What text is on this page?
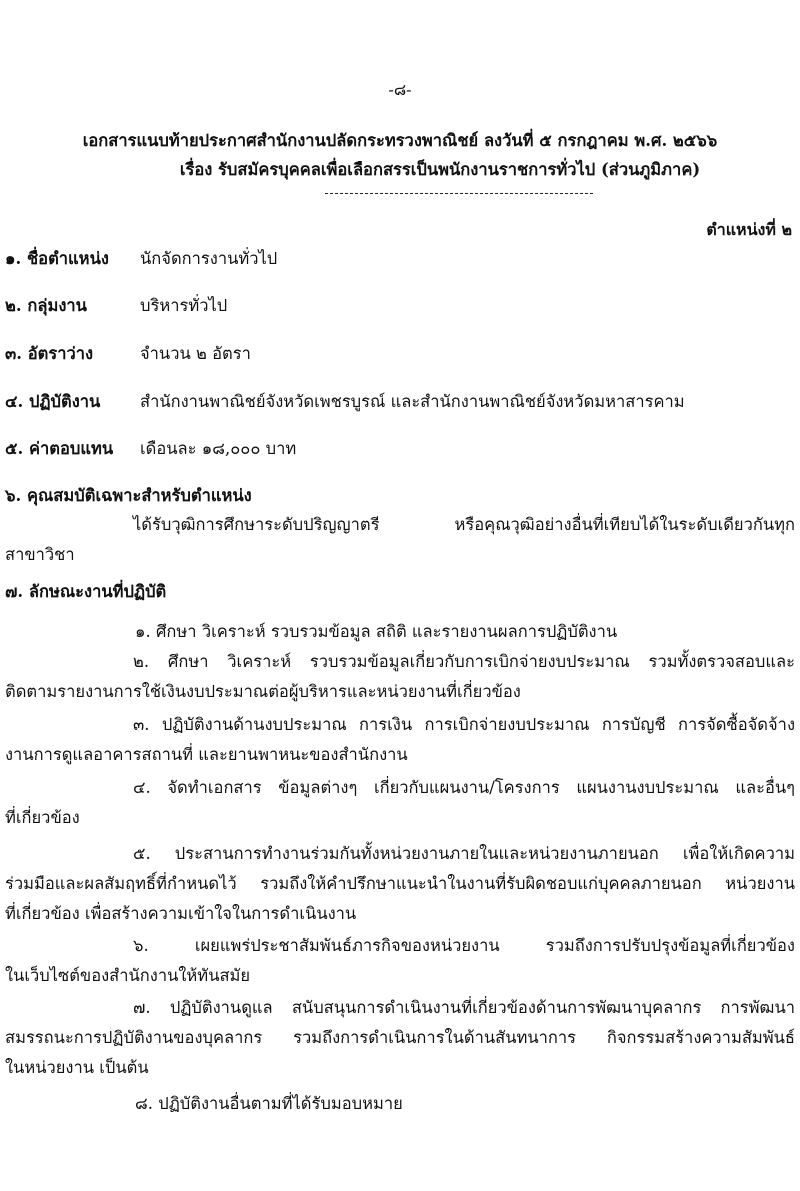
-๘-
เอกสารแนบท้ายประกาศสำนักงานปลัดกระทรวงพาณิชย์ ลงวันที่ ๕ กรกฎาคม พ.ศ. ๒๕๖๖
เรื่อง รับสมัครบุคคลเพื่อเลือกสรรเป็นพนักงานราชการทั่วไป (ส่วนภูมิภาค)
ตำแหน่งที่ ๒
๑. ชื่อตำแหน่ง นักจัดการงานทั่วไป
๒. กลุ่มงาน	บริหารทั่วไป
๓. อัตราว่าง	จำนวน ๒ อัตรา
๔. ปฏิบัติงาน สำนักงานพาณิชย์จังหวัดเพชรบูรณ์ และสำนักงานพาณิชย์จังหวัดมหาสารคาม
๕. ค่าตอบแทน เดือนละ ๑๘,๐๐๐ บาท
๖. คุณสมบัติเฉพาะสำหรับตำแหน่ง
ได้รับวุฒิการศึกษาระดับปริญญาตรี หรือคุณวุฒิอย่างอื่นที่เทียบได้ในระดับเดียวกันทุก
สาขาวิชา
๗. ลักษณะงานที่ปฏิบัติ
๑. ศึกษา วิเคราะห์ รวบรวมข้อมูล สถิติ และรายงานผลการปฏิบัติงาน
๒. ศึกษา วิเคราะห์ รวบรวมข้อมูลเกี่ยวกับการเบิกจ่ายงบประมาณ รวมทั้งตรวจสอบและ
ติดตามรายงานการใช้เงินงบประมาณต่อผู้บริหารและหน่วยงานที่เกี่ยวข้อง
๓. ปฏิบัติงานด้านงบประมาณ การเงิน การเบิกจ่ายงบประมาณ การบัญชี การจัดซื้อจัดจ้าง
งานการดูแลอาคารสถานที่ และยานพาหนะของสำนักงาน
๔. จัดทำเอกสาร ข้อมูลต่างๆ เกี่ยวกับแผนงาน/โครงการ แผนงานงบประมาณ และอื่นๆ
ที่เกี่ยวข้อง
๕. ประสานการทำงานร่วมกันทั้งหน่วยงานภายในและหน่วยงานภายนอก เพื่อให้เกิดความ
ร่วมมือและผลสัมฤทธิ์ที่กำหนดไว้ รวมถึงให้คำปรึกษาแนะนำในงานที่รับผิดชอบแก่บุคคลภายนอก หน่วยงาน
ที่เกี่ยวข้อง เพื่อสร้างความเข้าใจในการดำเนินงาน
๖. เผยแพร่ประชาสัมพันธ์ภารกิจของหน่วยงาน รวมถึงการปรับปรุงข้อมูลที่เกี่ยวข้อง
ในเว็บไซต์ของสำนักงานให้ทันสมัย
๗. ปฏิบัติงานดูแล สนับสนุนการดำเนินงานที่เกี่ยวข้องด้านการพัฒนาบุคลากร การพัฒนา
สมรรถนะการปฏิบัติงานของบุคลากร รวมถึงการดำเนินการในด้านสันทนาการ กิจกรรมสร้างความสัมพันธ์
ในหน่วยงาน เป็นต้น
๘. ปฏิบัติงานอื่นตามที่ได้รับมอบหมาย
